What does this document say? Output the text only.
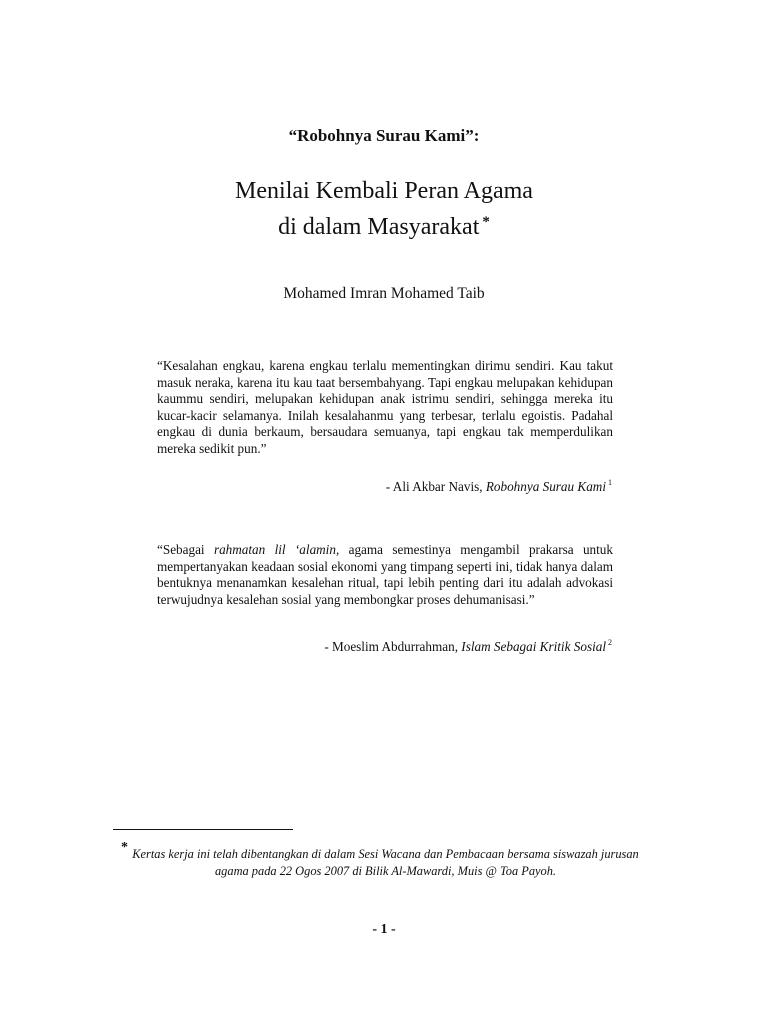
“Robohnya Surau Kami”:
Menilai Kembali Peran Agama
di dalam Masyarakat *
Mohamed Imran Mohamed Taib
“Kesalahan engkau, karena engkau terlalu mementingkan dirimu sendiri. Kau takut masuk neraka, karena itu kau taat bersembahyang. Tapi engkau melupakan kehidupan kaummu sendiri, melupakan kehidupan anak istrimu sendiri, sehingga mereka itu kucar-kacir selamanya. Inilah kesalahanmu yang terbesar, terlalu egoistis. Padahal engkau di dunia berkaum, bersaudara semuanya, tapi engkau tak memperdulikan mereka sedikit pun.”
- Ali Akbar Navis, Robohnya Surau Kami $^1$
“Sebagai rahmatan lil ‘alamin, agama semestinya mengambil prakarsa untuk mempertanyakan keadaan sosial ekonomi yang timpang seperti ini, tidak hanya dalam bentuknya menanamkan kesalehan ritual, tapi lebih penting dari itu adalah advokasi terwujudnya kesalehan sosial yang membongkar proses dehumanisasi.”
- Moeslim Abdurrahman, Islam Sebagai Kritik Sosial $^2$
* Kertas kerja ini telah dibentangkan di dalam Sesi Wacana dan Pembacaan bersama siswazah jurusan
agama pada 22 Ogos 2007 di Bilik Al-Mawardi, Muis @ Toa Payoh.
- 1 -
